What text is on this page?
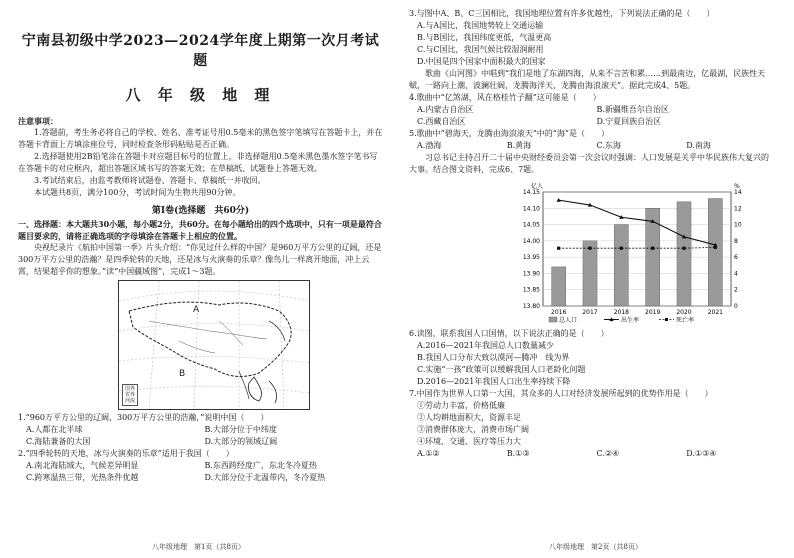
宁南县初级中学2023—2024学年度上期第一次月考试题
八 年 级 地 理

注意事项：

1.答题前，考生务必将自己的学校、姓名、准考证号用0.5毫米的黑色签字笔填写在答题卡上，并在答题卡背面上方填涂座位号，同时检查条形码粘贴是否正确。

2.选择题使用2B铅笔涂在答题卡对应题目标号的位置上，非选择题用0.5毫米黑色墨水签字笔书写在答题卡的对应框内，超出答题区域书写的答案无效；在草稿纸、试题卷上答题无效。

3.考试结束后，由监考教师将试题卷、答题卡、草稿纸一并收回。

本试题共8页，满分100分，考试时间为生物共用90分钟。

第Ⅰ卷(选择题　共60分)

一、选择题：本大题共30小题，每小题2分，共60分。在每小题给出的四个选项中，只有一项是最符合题目要求的，请将正确选项的字母填涂在答题卡上相应的位置。

央视纪录片《航拍中国第一季》片头介绍：“你见过什么样的中国？是960万平方公里的辽阔，还是300万平方公里的浩瀚？是四季轮转的天地，还是冰与火演奏的乐章？像鸟儿一样离开地面，冲上云霄，结果超乎你的想象。”读“中国疆域图”，完成1～3题。

A
B
国界
省界
河流

1.“960万平方公里的辽阔，300万平方公里的浩瀚，”说明中国（　　）

A.人都在北半球	B.大部分位于中纬度
C.海陆兼备的大国	D.大部分的领域辽阔

2.“四季轮转的天地，冰与火演奏的乐章”适用于我国（　　）

A.南北海陆域大，气候差异明显	B.东西跨经度广，东北冬冷夏热
C.跨寒温热三带，光热条件优越	D.大部分位于北温带内，冬冷夏热
八年级地理　第1页（共8页）

3.与图中A、B、C三国相比，我国地理位置有许多优越性，下列说法正确的是（　　）

A.与A国比，我国地势较上交通运输
B.与B国比，我国纬度更低，气温更高
C.与C国比，我国气候比较湿润耐用
D.中国是四个国家中面积最大的国家

歌曲《山河图》中唱到“我们是地了东湖四海，从来不言苦和累……到最南边，亿最湖，民族性天赋，一路向上潮，波澜壮阔，龙腾海洋天，龙腾由海浪滚天”。据此完成4、5题。

4.歌曲中“亿煞湖，风在格桂竹子翻”这可能是（　　）

A.内蒙古自治区	B.新疆维吾尔自治区
C.西藏自治区	D.宁夏回族自治区

5.歌曲中“碧海天，龙腾由海浪滚天”中的“海”是（　　）

A.渤海	B.黄海	C.东海	D.南海

习总书记主持召开二十届中央财经委员会第一次会议时强调：人口发展是关乎中华民族伟大复兴的大事。结合图文资料，完成6、7题。

13.80
13.85
13.90
13.95
14.00
14.05
14.10
14.15
0
2
4
6
8
10
12
14
亿人	%
2016	2017	2018	2019	2020	2021
总人口	出生率	死亡率

6.读图，联系我国人口国情，以下说法正确的是（　　）

A.2016—2021年我国总人口数量减少
B.我国人口分布大致以漠河—腾冲　线为界
C.实施“一孩”政策可以缓解我国人口老龄化问题
D.2016—2021年我国人口出生率持续下降

7.中国作为世界人口第一大国，其众多的人口对经济发展所起到的优势作用是（　　）

①劳动力丰富，价格低廉
②人均耕地面积大，资源丰足
③消费群体庞大，消费市场广阔
④环境、交通、医疗等压力大
A.①②	B.①③	C.②④	D.①③④
八年级地理　第2页（共8页）
